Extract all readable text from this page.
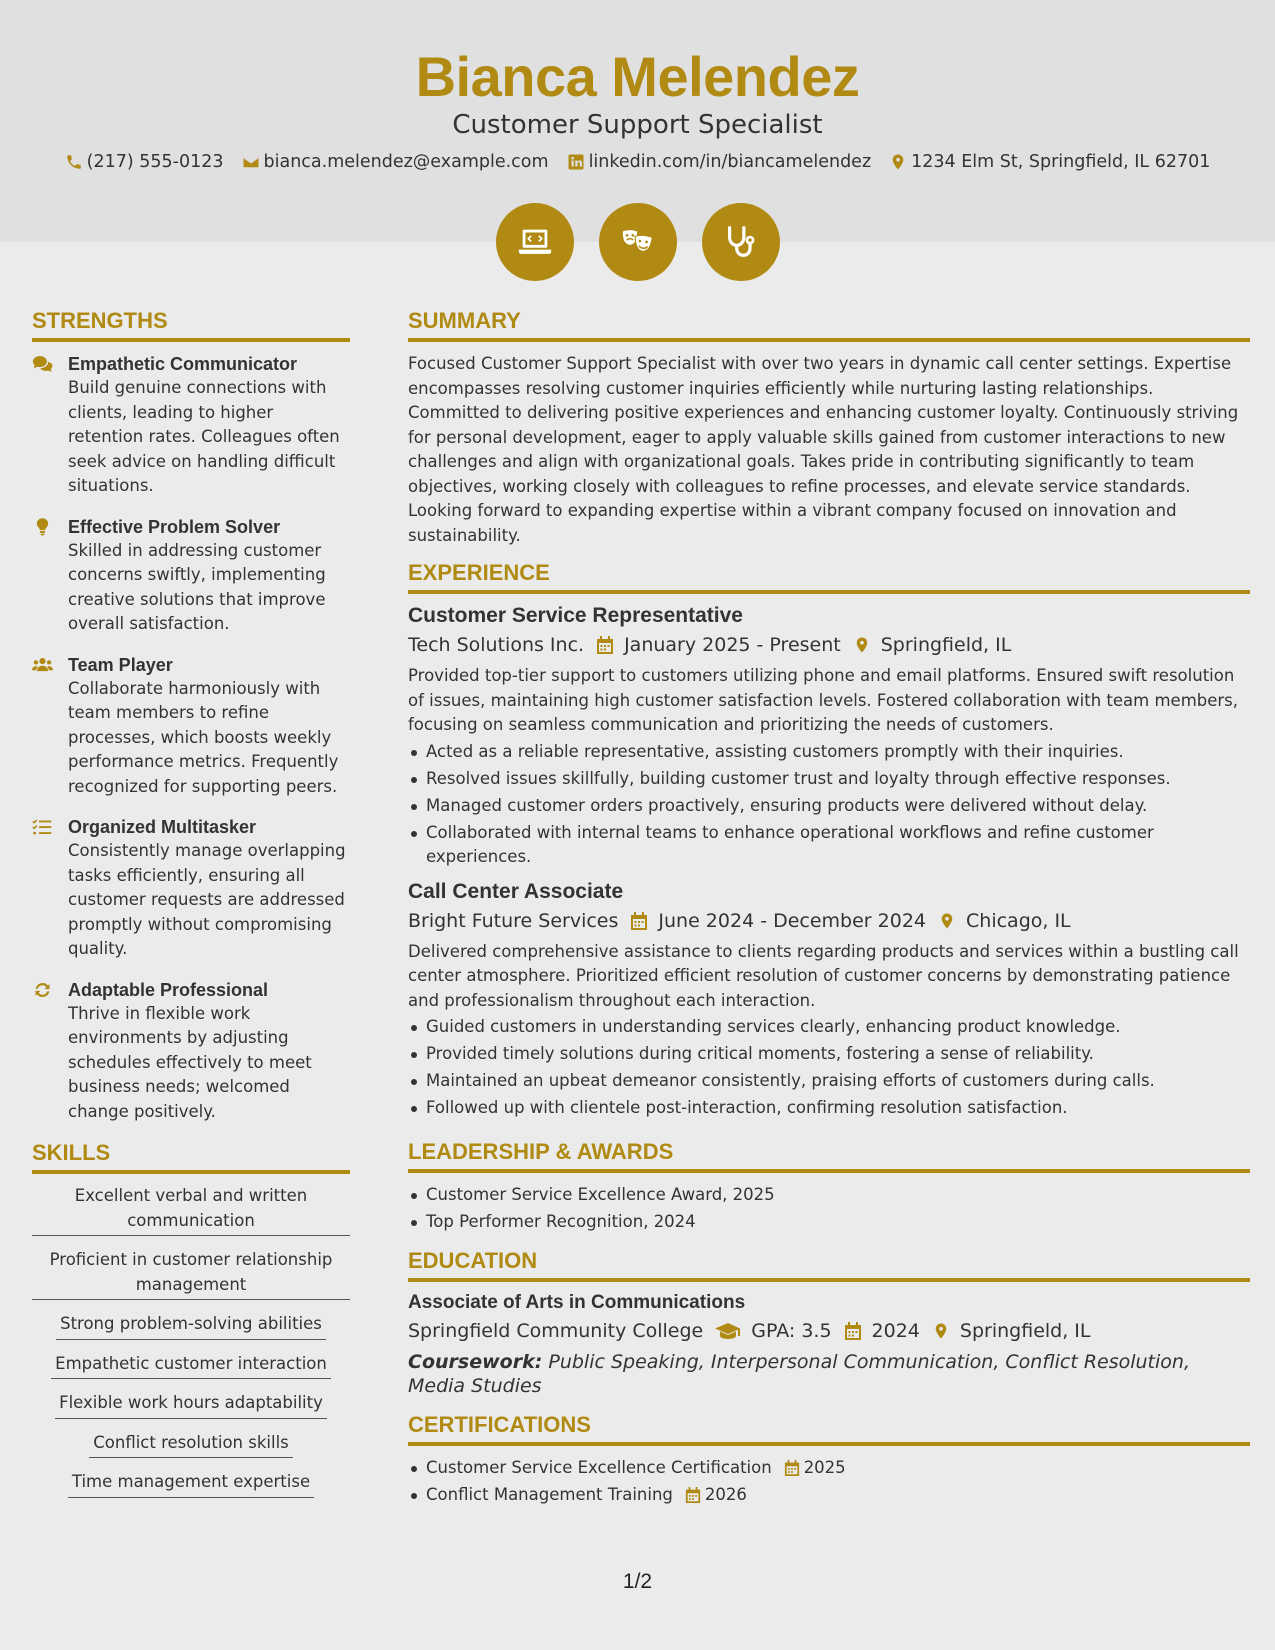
Bianca Melendez
Customer Support Specialist
(217) 555-0123 bianca.melendez@example.com linkedin.com/in/biancamelendez 1234 Elm St, Springfield, IL 62701
STRENGTHS
Empathetic Communicator
Build genuine connections with clients, leading to higher retention rates. Colleagues often seek advice on handling difficult situations.
Effective Problem Solver
Skilled in addressing customer concerns swiftly, implementing creative solutions that improve overall satisfaction.
Team Player
Collaborate harmoniously with team members to refine processes, which boosts weekly performance metrics. Frequently recognized for supporting peers.
Organized Multitasker
Consistently manage overlapping tasks efficiently, ensuring all customer requests are addressed promptly without compromising quality.
Adaptable Professional
Thrive in flexible work environments by adjusting schedules effectively to meet business needs; welcomed change positively.
SKILLS
Excellent verbal and written communication
Proficient in customer relationship management
Strong problem-solving abilities
Empathetic customer interaction
Flexible work hours adaptability
Conflict resolution skills
Time management expertise
SUMMARY
Focused Customer Support Specialist with over two years in dynamic call center settings. Expertise encompasses resolving customer inquiries efficiently while nurturing lasting relationships. Committed to delivering positive experiences and enhancing customer loyalty. Continuously striving for personal development, eager to apply valuable skills gained from customer interactions to new challenges and align with organizational goals. Takes pride in contributing significantly to team objectives, working closely with colleagues to refine processes, and elevate service standards. Looking forward to expanding expertise within a vibrant company focused on innovation and sustainability.
EXPERIENCE
Customer Service Representative
Tech Solutions Inc. January 2025 - Present Springfield, IL
Provided top-tier support to customers utilizing phone and email platforms. Ensured swift resolution of issues, maintaining high customer satisfaction levels. Fostered collaboration with team members, focusing on seamless communication and prioritizing the needs of customers.
Acted as a reliable representative, assisting customers promptly with their inquiries.
Resolved issues skillfully, building customer trust and loyalty through effective responses.
Managed customer orders proactively, ensuring products were delivered without delay.
Collaborated with internal teams to enhance operational workflows and refine customer experiences.
Call Center Associate
Bright Future Services June 2024 - December 2024 Chicago, IL
Delivered comprehensive assistance to clients regarding products and services within a bustling call center atmosphere. Prioritized efficient resolution of customer concerns by demonstrating patience and professionalism throughout each interaction.
Guided customers in understanding services clearly, enhancing product knowledge.
Provided timely solutions during critical moments, fostering a sense of reliability.
Maintained an upbeat demeanor consistently, praising efforts of customers during calls.
Followed up with clientele post-interaction, confirming resolution satisfaction.
LEADERSHIP & AWARDS
Customer Service Excellence Award, 2025
Top Performer Recognition, 2024
EDUCATION
Associate of Arts in Communications
Springfield Community College	GPA: 3.5 2024 Springfield, IL
Coursework: Public Speaking, Interpersonal Communication, Conflict Resolution, Media Studies
CERTIFICATIONS
Customer Service Excellence Certification 2025
Conflict Management Training 2026
1/2
